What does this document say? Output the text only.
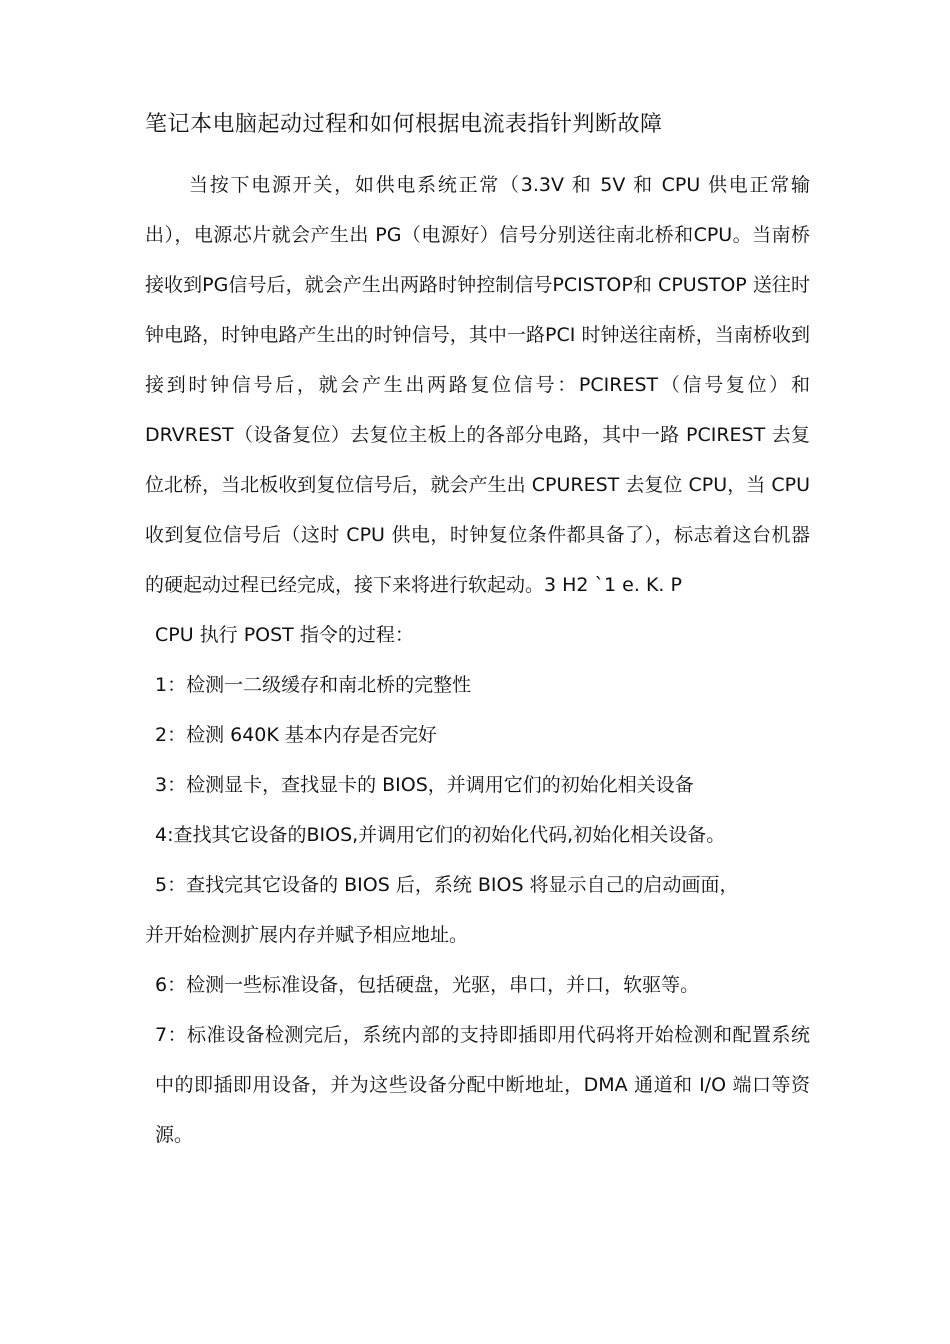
笔记本电脑起动过程和如何根据电流表指针判断故障

当按下电源开关，如供电系统正常（3.3V 和 5V 和 CPU 供电正常输出），电源芯片就会产生出 PG（电源好）信号分别送往南北桥和CPU。当南桥接收到PG信号后，就会产生出两路时钟控制信号PCISTOP和 CPUSTOP 送往时钟电路，时钟电路产生出的时钟信号，其中一路PCI 时钟送往南桥，当南桥收到接到时钟信号后，就会产生出两路复位信号：PCIREST（信号复位）和 DRVREST（设备复位）去复位主板上的各部分电路，其中一路 PCIREST 去复位北桥，当北板收到复位信号后，就会产生出 CPUREST 去复位 CPU，当 CPU 收到复位信号后（这时 CPU 供电，时钟复位条件都具备了），标志着这台机器的硬起动过程已经完成，接下来将进行软起动。3 H2 `1 e. K. P

CPU 执行 POST 指令的过程：

1：检测一二级缓存和南北桥的完整性

2：检测 640K 基本内存是否完好

3：检测显卡，查找显卡的 BIOS，并调用它们的初始化相关设备

4:查找其它设备的BIOS,并调用它们的初始化代码,初始化相关设备。

5：查找完其它设备的 BIOS 后，系统 BIOS 将显示自己的启动画面，

并开始检测扩展内存并赋予相应地址。

6：检测一些标准设备，包括硬盘，光驱，串口，并口，软驱等。

7：标准设备检测完后，系统内部的支持即插即用代码将开始检测和配置系统中的即插即用设备，并为这些设备分配中断地址，DMA 通道和 I/O 端口等资源。
